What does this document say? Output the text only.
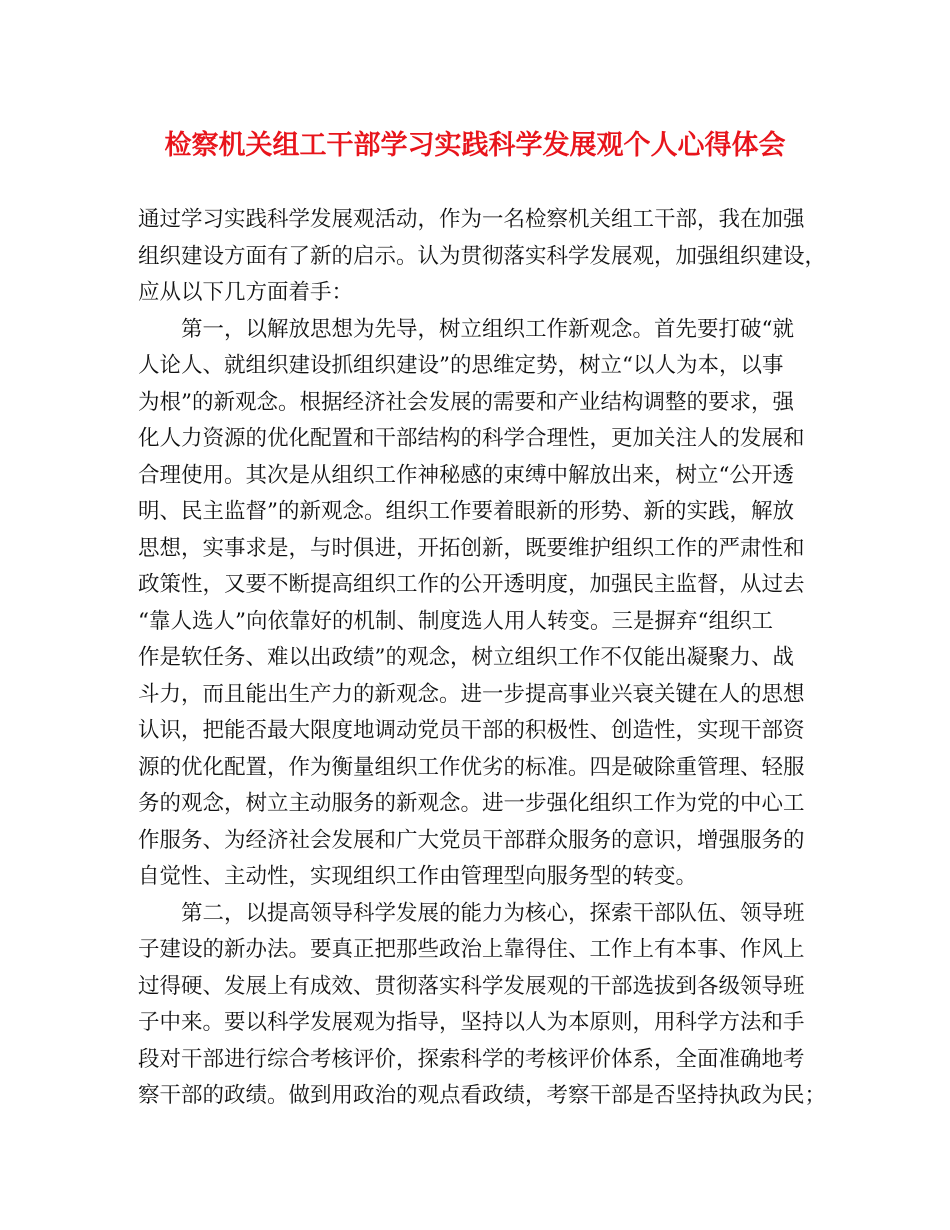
检察机关组工干部学习实践科学发展观个人心得体会

通过学习实践科学发展观活动，作为一名检察机关组工干部，我在加强
组织建设方面有了新的启示。认为贯彻落实科学发展观，加强组织建设，
应从以下几方面着手：

第一，以解放思想为先导，树立组织工作新观念。首先要打破“就
人论人、就组织建设抓组织建设”的思维定势，树立“以人为本，以事
为根”的新观念。根据经济社会发展的需要和产业结构调整的要求，强
化人力资源的优化配置和干部结构的科学合理性，更加关注人的发展和
合理使用。其次是从组织工作神秘感的束缚中解放出来，树立“公开透
明、民主监督”的新观念。组织工作要着眼新的形势、新的实践，解放
思想，实事求是，与时俱进，开拓创新，既要维护组织工作的严肃性和
政策性，又要不断提高组织工作的公开透明度，加强民主监督，从过去
“靠人选人”向依靠好的机制、制度选人用人转变。三是摒弃“组织工
作是软任务、难以出政绩”的观念，树立组织工作不仅能出凝聚力、战
斗力，而且能出生产力的新观念。进一步提高事业兴衰关键在人的思想
认识，把能否最大限度地调动党员干部的积极性、创造性，实现干部资
源的优化配置，作为衡量组织工作优劣的标准。四是破除重管理、轻服
务的观念，树立主动服务的新观念。进一步强化组织工作为党的中心工
作服务、为经济社会发展和广大党员干部群众服务的意识，增强服务的
自觉性、主动性，实现组织工作由管理型向服务型的转变。

第二，以提高领导科学发展的能力为核心，探索干部队伍、领导班
子建设的新办法。要真正把那些政治上靠得住、工作上有本事、作风上
过得硬、发展上有成效、贯彻落实科学发展观的干部选拔到各级领导班
子中来。要以科学发展观为指导，坚持以人为本原则，用科学方法和手
段对干部进行综合考核评价，探索科学的考核评价体系，全面准确地考
察干部的政绩。做到用政治的观点看政绩，考察干部是否坚持执政为民；
